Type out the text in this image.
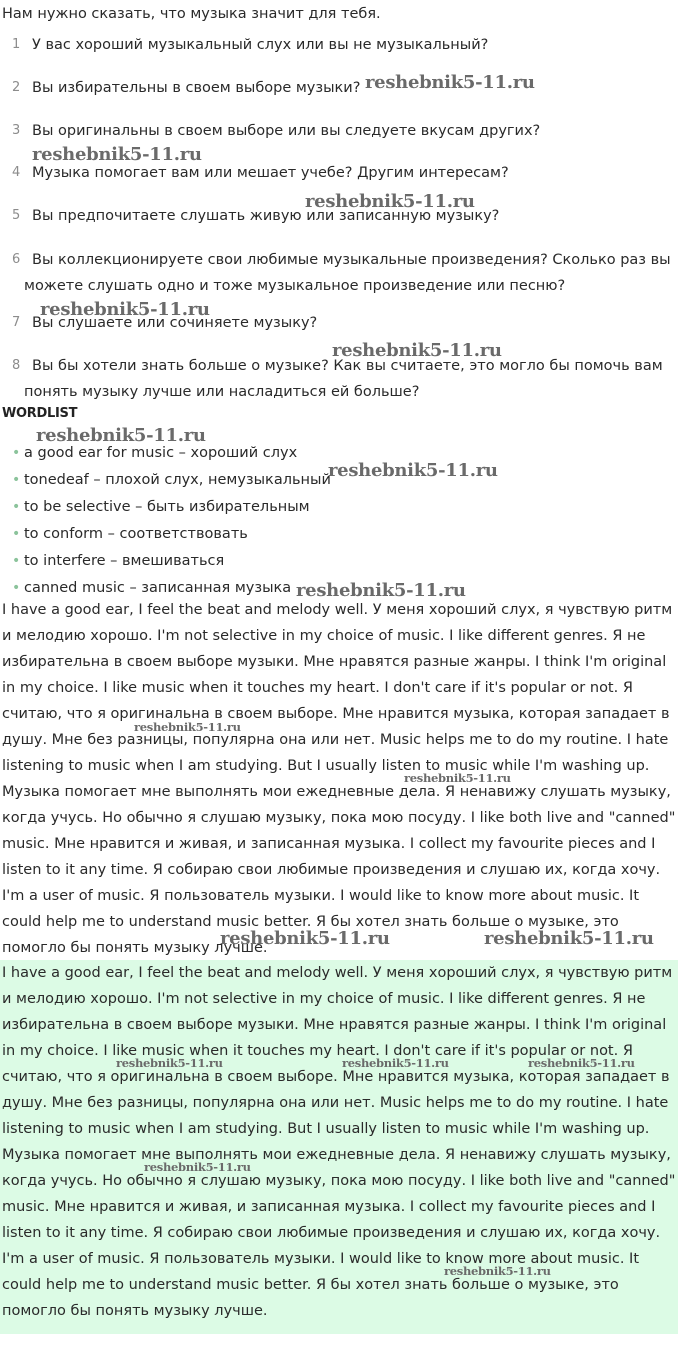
Нам нужно сказать, что музыка значит для тебя.
1 У вас хороший музыкальный слух или вы не музыкальный?
2 Вы избирательны в своем выборе музыки?
3 Вы оригинальны в своем выборе или вы следуете вкусам других?
4 Музыка помогает вам или мешает учебе? Другим интересам?
5 Вы предпочитаете слушать живую или записанную музыку?
6 Вы коллекционируете свои любимые музыкальные произведения? Сколько раз вы можете слушать одно и тоже музыкальное произведение или песню?
7 Вы слушаете или сочиняете музыку?
8 Вы бы хотели знать больше о музыке? Как вы считаете, это могло бы помочь вам понять музыку лучше или насладиться ей больше?
WORDLIST
• a good ear for music – хороший слух
• tonedeaf – плохой слух, немузыкальный
• to be selective – быть избирательным
• to conform – соответствовать
• to interfere – вмешиваться
• canned music – записанная музыка

I have a good ear, I feel the beat and melody well. У меня хороший слух, я чувствую ритм и мелодию хорошо. I'm not selective in my choice of music. I like different genres. Я не избирательна в своем выборе музыки. Мне нравятся разные жанры. I think I'm original in my choice. I like music when it touches my heart. I don't care if it's popular or not. Я считаю, что я оригинальна в своем выборе. Мне нравится музыка, которая западает в душу. Мне без разницы, популярна она или нет. Music helps me to do my routine. I hate listening to music when I am studying. But I usually listen to music while I'm washing up. Музыка помогает мне выполнять мои ежедневные дела. Я ненавижу слушать музыку, когда учусь. Но обычно я слушаю музыку, пока мою посуду. I like both live and "canned" music. Мне нравится и живая, и записанная музыка. I collect my favourite pieces and I listen to it any time. Я собираю свои любимые произведения и слушаю их, когда хочу. I'm a user of music. Я пользователь музыки. I would like to know more about music. It could help me to understand music better. Я бы хотел знать больше о музыке, это помогло бы понять музыку лучше.

I have a good ear, I feel the beat and melody well. У меня хороший слух, я чувствую ритм и мелодию хорошо. I'm not selective in my choice of music. I like different genres. Я не избирательна в своем выборе музыки. Мне нравятся разные жанры. I think I'm original in my choice. I like music when it touches my heart. I don't care if it's popular or not. Я считаю, что я оригинальна в своем выборе. Мне нравится музыка, которая западает в душу. Мне без разницы, популярна она или нет. Music helps me to do my routine. I hate listening to music when I am studying. But I usually listen to music while I'm washing up. Музыка помогает мне выполнять мои ежедневные дела. Я ненавижу слушать музыку, когда учусь. Но обычно я слушаю музыку, пока мою посуду. I like both live and "canned" music. Мне нравится и живая, и записанная музыка. I collect my favourite pieces and I listen to it any time. Я собираю свои любимые произведения и слушаю их, когда хочу. I'm a user of music. Я пользователь музыки. I would like to know more about music. It could help me to understand music better. Я бы хотел знать больше о музыке, это помогло бы понять музыку лучше.

reshebnik5-11.ru
reshebnik5-11.ru
reshebnik5-11.ru
reshebnik5-11.ru
reshebnik5-11.ru
reshebnik5-11.ru
reshebnik5-11.ru
reshebnik5-11.ru
reshebnik5-11.ru
reshebnik5-11.ru
reshebnik5-11.ru	reshebnik5-11.ru
reshebnik5-11.ru	reshebnik5-11.ru	reshebnik5-11.ru
reshebnik5-11.ru
reshebnik5-11.ru
